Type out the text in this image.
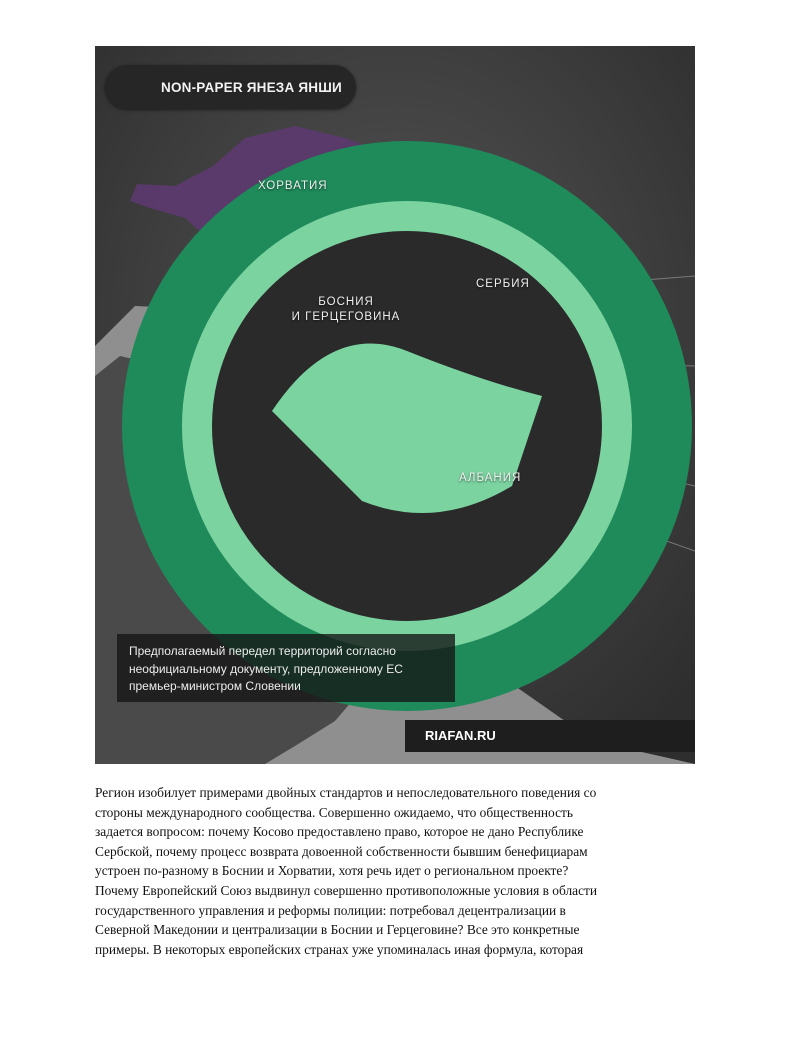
NON-PAPER ЯНЕЗА ЯНШИ
ХОРВАТИЯ
СЕРБИЯ
БОСНИЯ
И ГЕРЦЕГОВИНА
АЛБАНИЯ
Предполагаемый передел территорий согласно
неофициальному документу, предложенному ЕС
премьер-министром Словении
RIAFAN.RU
Регион изобилует примерами двойных стандартов и непоследовательного поведения со
стороны международного сообщества. Совершенно ожидаемо, что общественность
задается вопросом: почему Косово предоставлено право, которое не дано Республике
Сербской, почему процесс возврата довоенной собственности бывшим бенефициарам
устроен по-разному в Боснии и Хорватии, хотя речь идет о региональном проекте?
Почему Европейский Союз выдвинул совершенно противоположные условия в области
государственного управления и реформы полиции: потребовал децентрализации в
Северной Македонии и централизации в Боснии и Герцеговине? Все это конкретные
примеры. В некоторых европейских странах уже упоминалась иная формула, которая
